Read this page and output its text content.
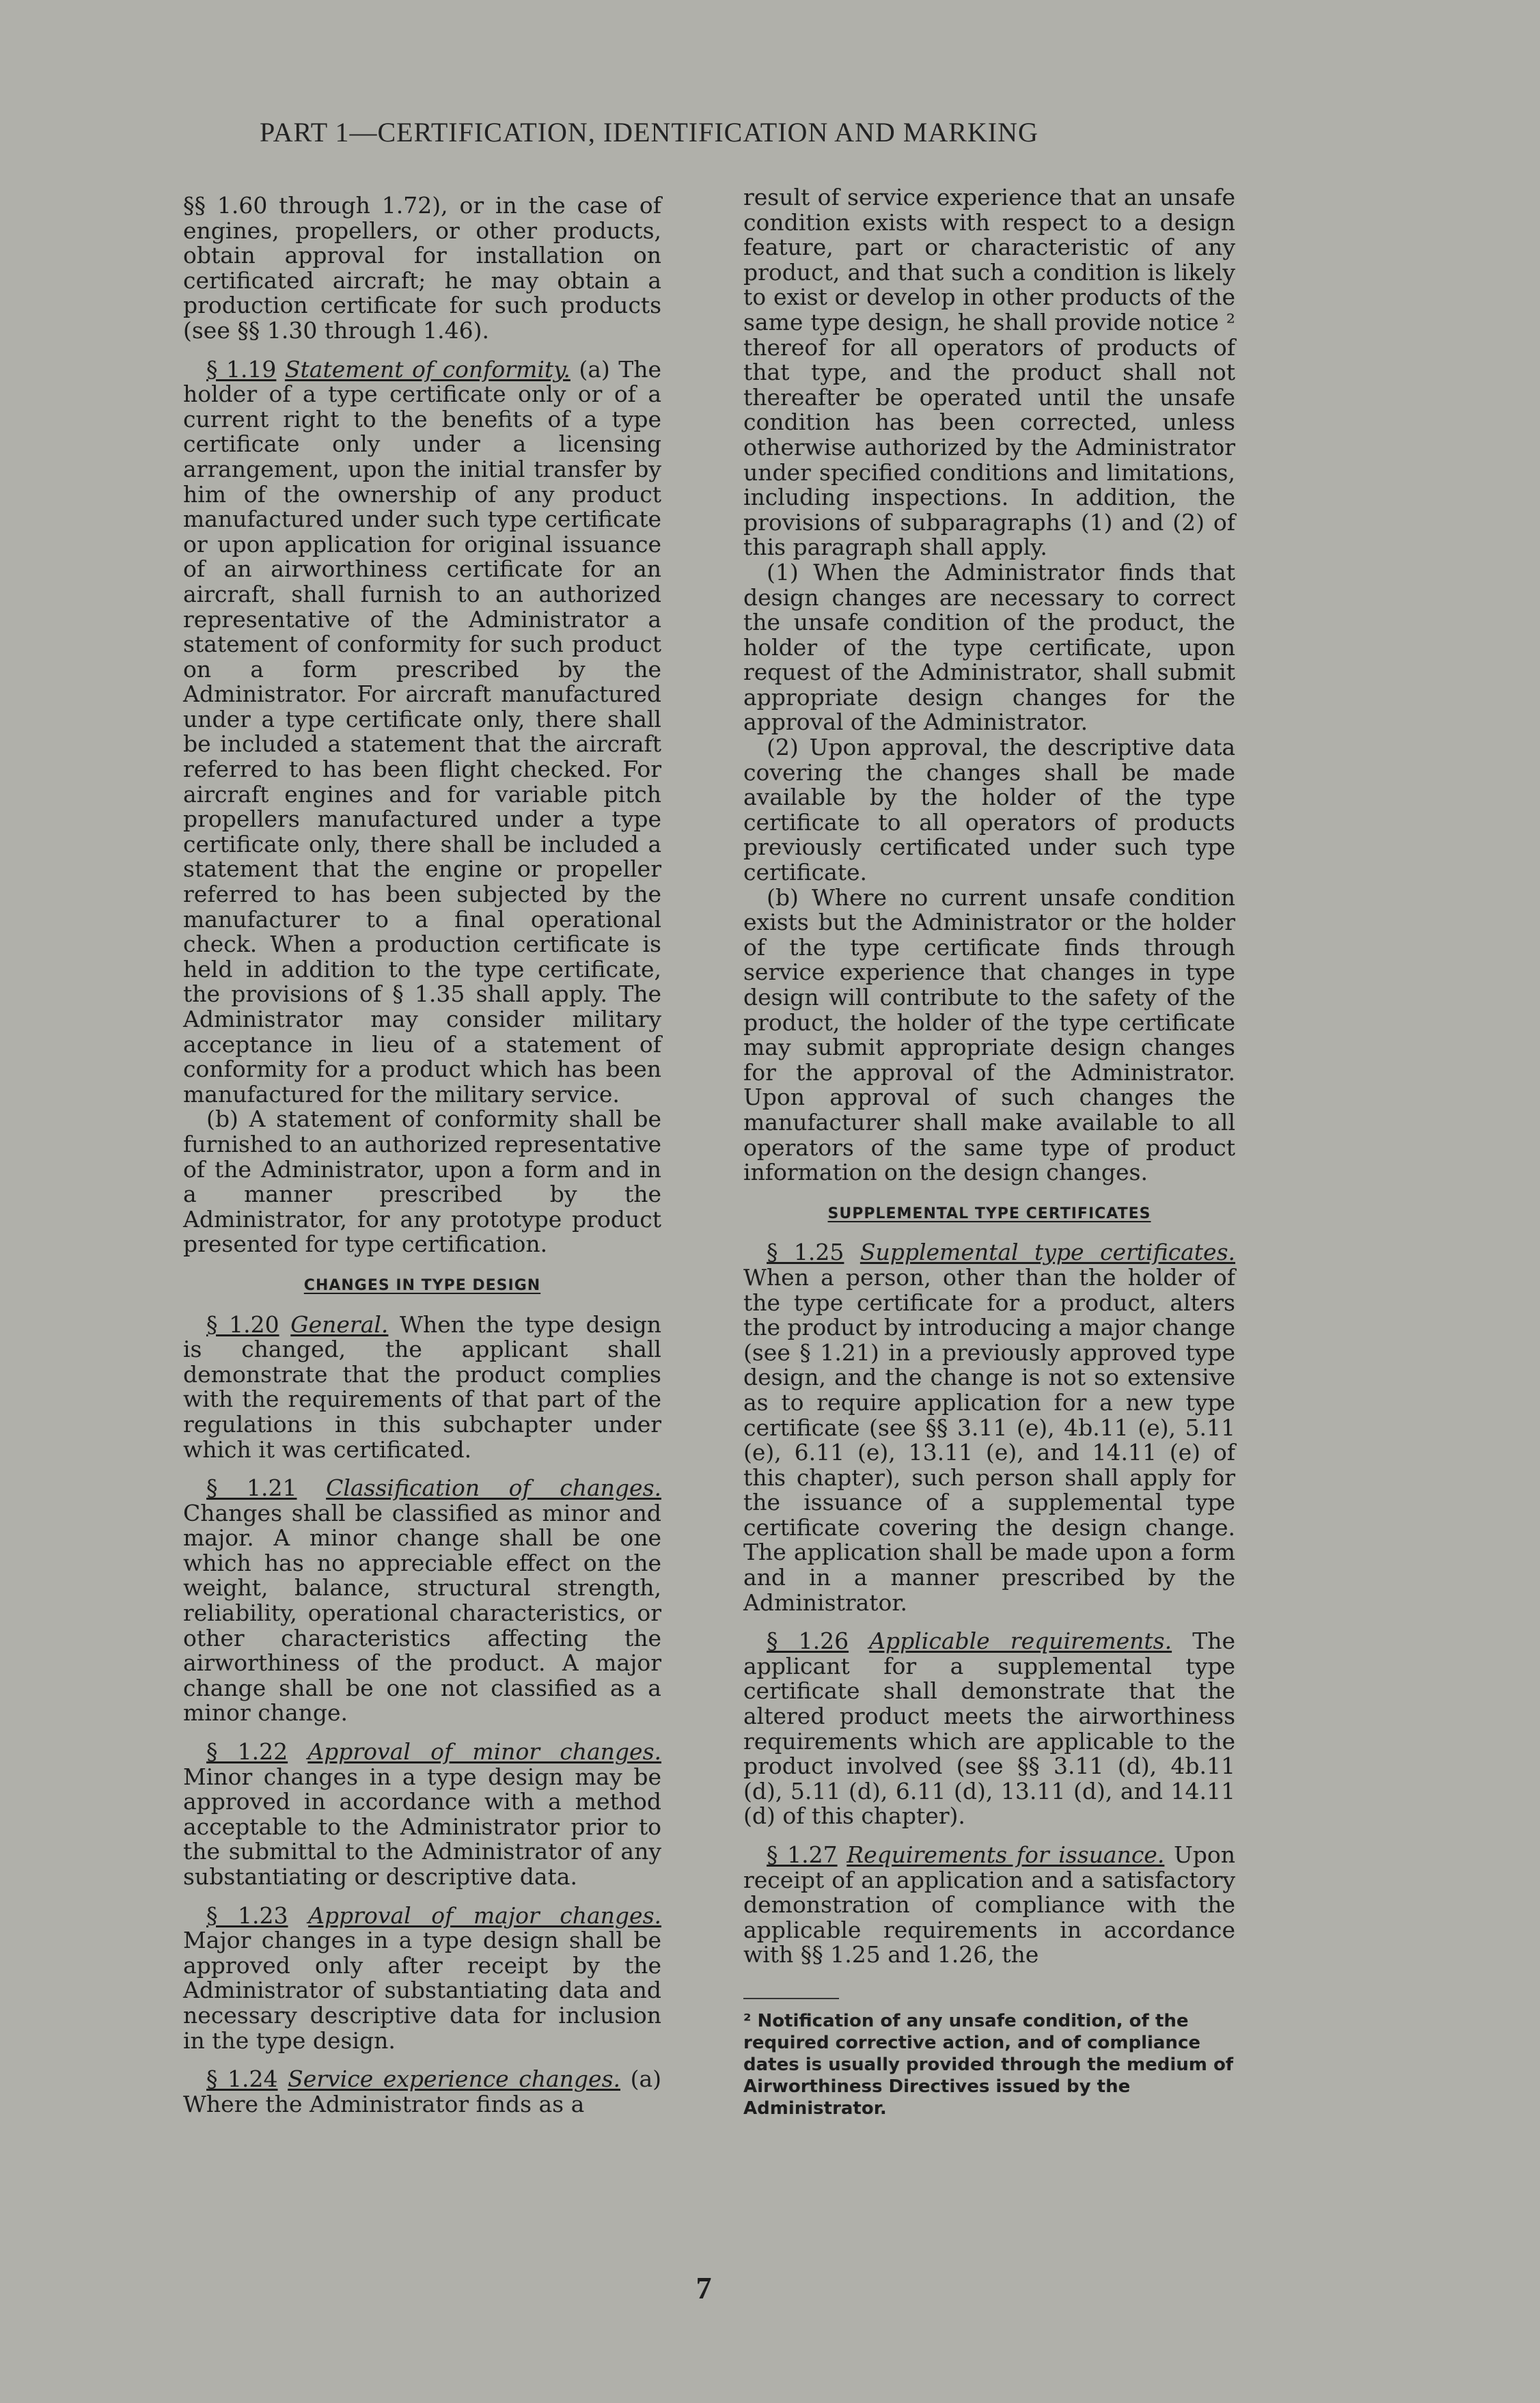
PART 1—CERTIFICATION, IDENTIFICATION AND MARKING

§§ 1.60 through 1.72), or in the case of engines, propellers, or other products, obtain approval for installation on certificated aircraft; he may obtain a production certificate for such products (see §§ 1.30 through 1.46).

§ 1.19 Statement of conformity. (a) The holder of a type certificate only or of a current right to the benefits of a type certificate only under a licensing arrangement, upon the initial transfer by him of the ownership of any product manufactured under such type certificate or upon application for original issuance of an airworthiness certificate for an aircraft, shall furnish to an authorized representative of the Administrator a statement of conformity for such product on a form prescribed by the Administrator. For aircraft manufactured under a type certificate only, there shall be included a statement that the aircraft referred to has been flight checked. For aircraft engines and for variable pitch propellers manufactured under a type certificate only, there shall be included a statement that the engine or propeller referred to has been subjected by the manufacturer to a final operational check. When a production certificate is held in addition to the type certificate, the provisions of § 1.35 shall apply. The Administrator may consider military acceptance in lieu of a statement of conformity for a product which has been manufactured for the military service.

(b) A statement of conformity shall be furnished to an authorized representative of the Administrator, upon a form and in a manner prescribed by the Administrator, for any prototype product presented for type certification.

CHANGES IN TYPE DESIGN

§ 1.20 General. When the type design is changed, the applicant shall demonstrate that the product complies with the requirements of that part of the regulations in this subchapter under which it was certificated.

§ 1.21 Classification of changes. Changes shall be classified as minor and major. A minor change shall be one which has no appreciable effect on the weight, balance, structural strength, reliability, operational characteristics, or other characteristics affecting the airworthiness of the product. A major change shall be one not classified as a minor change.

§ 1.22 Approval of minor changes. Minor changes in a type design may be approved in accordance with a method acceptable to the Administrator prior to the submittal to the Administrator of any substantiating or descriptive data.

§ 1.23 Approval of major changes. Major changes in a type design shall be approved only after receipt by the Administrator of substantiating data and necessary descriptive data for inclusion in the type design.

§ 1.24 Service experience changes. (a) Where the Administrator finds as a

result of service experience that an unsafe condition exists with respect to a design feature, part or characteristic of any product, and that such a condition is likely to exist or develop in other products of the same type design, he shall provide notice ² thereof for all operators of products of that type, and the product shall not thereafter be operated until the unsafe condition has been corrected, unless otherwise authorized by the Administrator under specified conditions and limitations, including inspections. In addition, the provisions of subparagraphs (1) and (2) of this paragraph shall apply.

(1) When the Administrator finds that design changes are necessary to correct the unsafe condition of the product, the holder of the type certificate, upon request of the Administrator, shall submit appropriate design changes for the approval of the Administrator.

(2) Upon approval, the descriptive data covering the changes shall be made available by the holder of the type certificate to all operators of products previously certificated under such type certificate.

(b) Where no current unsafe condition exists but the Administrator or the holder of the type certificate finds through service experience that changes in type design will contribute to the safety of the product, the holder of the type certificate may submit appropriate design changes for the approval of the Administrator. Upon approval of such changes the manufacturer shall make available to all operators of the same type of product information on the design changes.

SUPPLEMENTAL TYPE CERTIFICATES

§ 1.25 Supplemental type certificates. When a person, other than the holder of the type certificate for a product, alters the product by introducing a major change (see § 1.21) in a previously approved type design, and the change is not so extensive as to require application for a new type certificate (see §§ 3.11 (e), 4b.11 (e), 5.11 (e), 6.11 (e), 13.11 (e), and 14.11 (e) of this chapter), such person shall apply for the issuance of a supplemental type certificate covering the design change. The application shall be made upon a form and in a manner prescribed by the Administrator.

§ 1.26 Applicable requirements. The applicant for a supplemental type certificate shall demonstrate that the altered product meets the airworthiness requirements which are applicable to the product involved (see §§ 3.11 (d), 4b.11 (d), 5.11 (d), 6.11 (d), 13.11 (d), and 14.11 (d) of this chapter).

§ 1.27 Requirements for issuance. Upon receipt of an application and a satisfactory demonstration of compliance with the applicable requirements in accordance with §§ 1.25 and 1.26, the

² Notification of any unsafe condition, of the required corrective action, and of compliance dates is usually provided through the medium of Airworthiness Directives issued by the Administrator.

7
